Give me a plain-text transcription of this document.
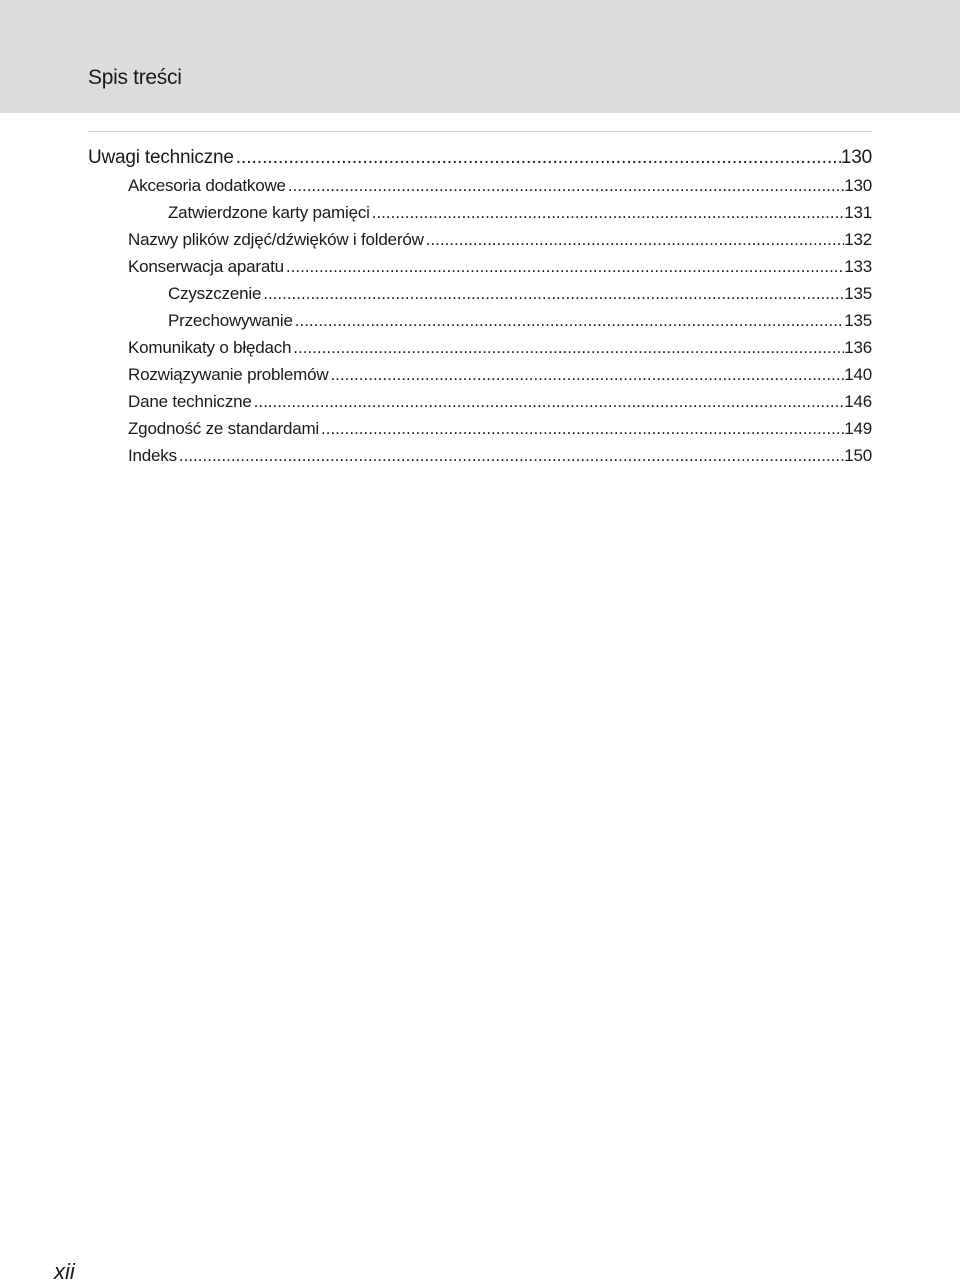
Spis treści
Uwagi techniczne .....	130
Akcesoria dodatkowe .....	130
Zatwierdzone karty pamięci .....	131
Nazwy plików zdjęć/dźwięków i folderów .....	132
Konserwacja aparatu .....	133
Czyszczenie .....	135
Przechowywanie .....	135
Komunikaty o błędach .....	136
Rozwiązywanie problemów .....	140
Dane techniczne .....	146
Zgodność ze standardami .....	149
Indeks .....	150
xii
